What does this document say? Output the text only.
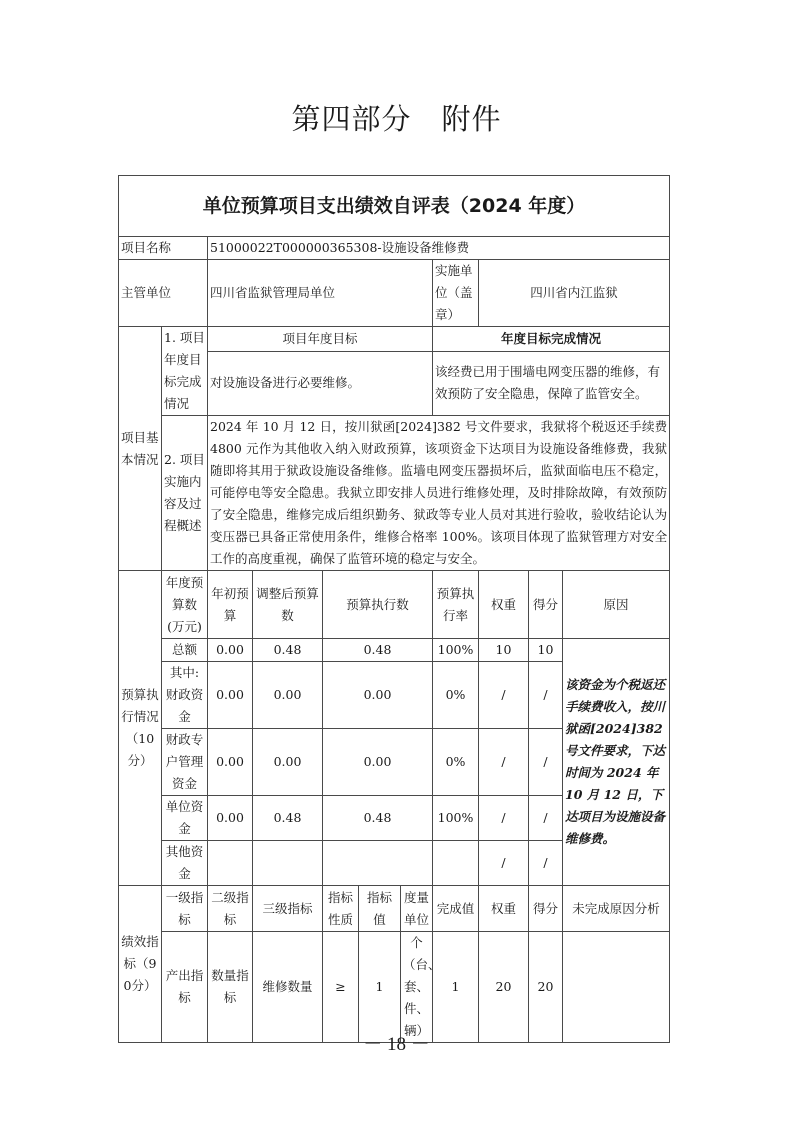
第四部分 附件
单位预算项目支出绩效自评表（2024 年度）										
项目名称		51000022T000000365308-设施设备维修费								
主管单位		四川省监狱管理局单位					实施单位（盖章）	四川省内江监狱		
项目基本情况	1. 项目年度目标完成情况	项目年度目标					年度目标完成情况			
		对设施设备进行必要维修。					该经费已用于围墙电网变压器的维修，有效预防了安全隐患，保障了监管安全。			
	2. 项目实施内容及过程概述	2024 年 10 月 12 日，按川狱函[2024]382 号文件要求，我狱将个税返还手续费 4800 元作为其他收入纳入财政预算，该项资金下达项目为设施设备维修费，我狱随即将其用于狱政设施设备维修。监墙电网变压器损坏后，监狱面临电压不稳定，可能停电等安全隐患。我狱立即安排人员进行维修处理，及时排除故障，有效预防了安全隐患，维修完成后组织勤务、狱政等专业人员对其进行验收，验收结论认为变压器已具备正常使用条件，维修合格率 100%。该项目体现了监狱管理方对安全工作的高度重视，确保了监管环境的稳定与安全。								
预算执行情况（10分）	年度预算数(万元)	年初预算	调整后预算数	预算执行数			预算执行率	权重	得分	原因
	总额	0.00	0.48	0.48			100%	10	10	该资金为个税返还手续费收入，按川狱函[2024]382 号文件要求，下达时间为 2024 年 10 月 12 日，下达项目为设施设备维修费。
	其中:财政资金	0.00	0.00	0.00			0%	/	/	
	财政专户管理资金	0.00	0.00	0.00			0%	/	/	
	单位资金	0.00	0.48	0.48			100%	/	/	
	其他资金							/	/	
绩效指标（90分）	一级指标	二级指标	三级指标	指标性质	指标值	度量单位	完成值	权重	得分	未完成原因分析
	产出指标	数量指标	维修数量	≥	1	个（台、套、件、辆）	1	20	20	
－ 18 －
